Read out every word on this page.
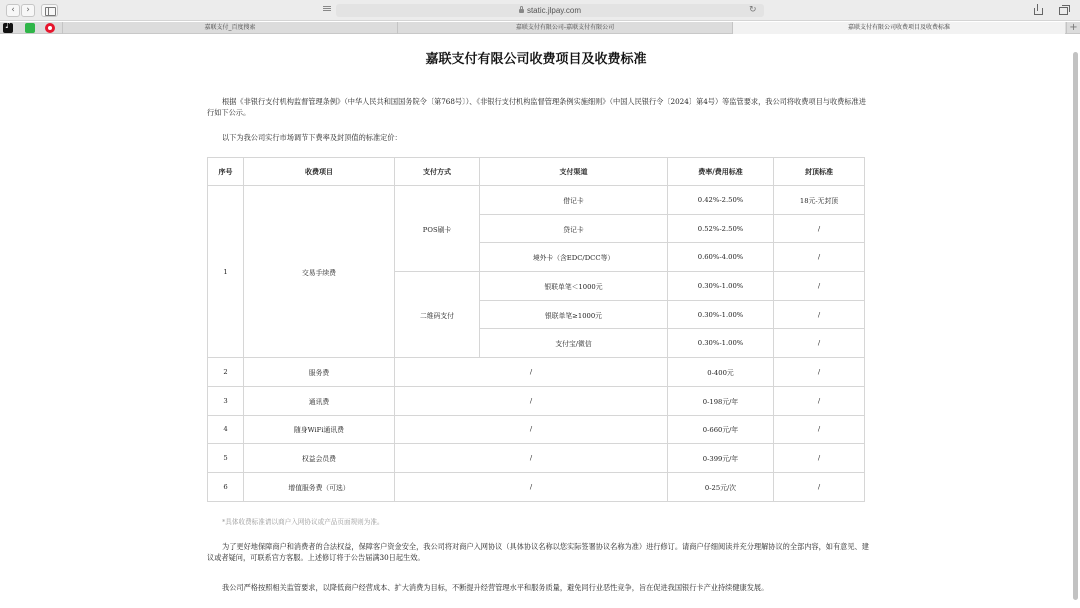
‹	›	static.jlpay.com	↻
♪
嘉联支付_百度搜索	嘉联支付有限公司-嘉联支付有限公司	嘉联支付有限公司收费项目及收费标准	+
嘉联支付有限公司收费项目及收费标准

根据《非银行支付机构监督管理条例》（中华人民共和国国务院令〔第768号〕）、《非银行支付机构监督管理条例实施细则》（中国人民银行令〔2024〕第4号）等监管要求，我公司将收费项目与收费标准进行如下公示。

以下为我公司实行市场调节下费率及封顶值的标准定价：

序号	收费项目	支付方式	支付渠道	费率/费用标准	封顶标准
1	交易手续费	POS刷卡	借记卡	0.42%-2.50%	18元-无封顶
			贷记卡	0.52%-2.50%	/
			境外卡（含EDC/DCC等）	0.60%-4.00%	/
		二维码支付	银联单笔＜1000元	0.30%-1.00%	/
			银联单笔≥1000元	0.30%-1.00%	/
			支付宝/微信	0.30%-1.00%	/
2	服务费	/		0-400元	/
3	通讯费	/		0-198元/年	/
4	随身WiFi通讯费	/		0-660元/年	/
5	权益会员费	/		0-399元/年	/
6	增值服务费（可选）	/		0-25元/次	/
*具体收费标准请以商户入网协议或产品页面规则为准。

为了更好地保障商户和消费者的合法权益，保障客户资金安全，我公司将对商户入网协议（具体协议名称以您实际签署协议名称为准）进行修订。请商户仔细阅读并充分理解协议的全部内容，如有意见、建议或者疑问，可联系官方客服。上述修订将于公告届满30日起生效。

我公司严格按照相关监管要求，以降低商户经营成本、扩大消费为目标，不断提升经营管理水平和服务质量，避免同行业恶性竞争，旨在促进我国银行卡产业持续健康发展。
